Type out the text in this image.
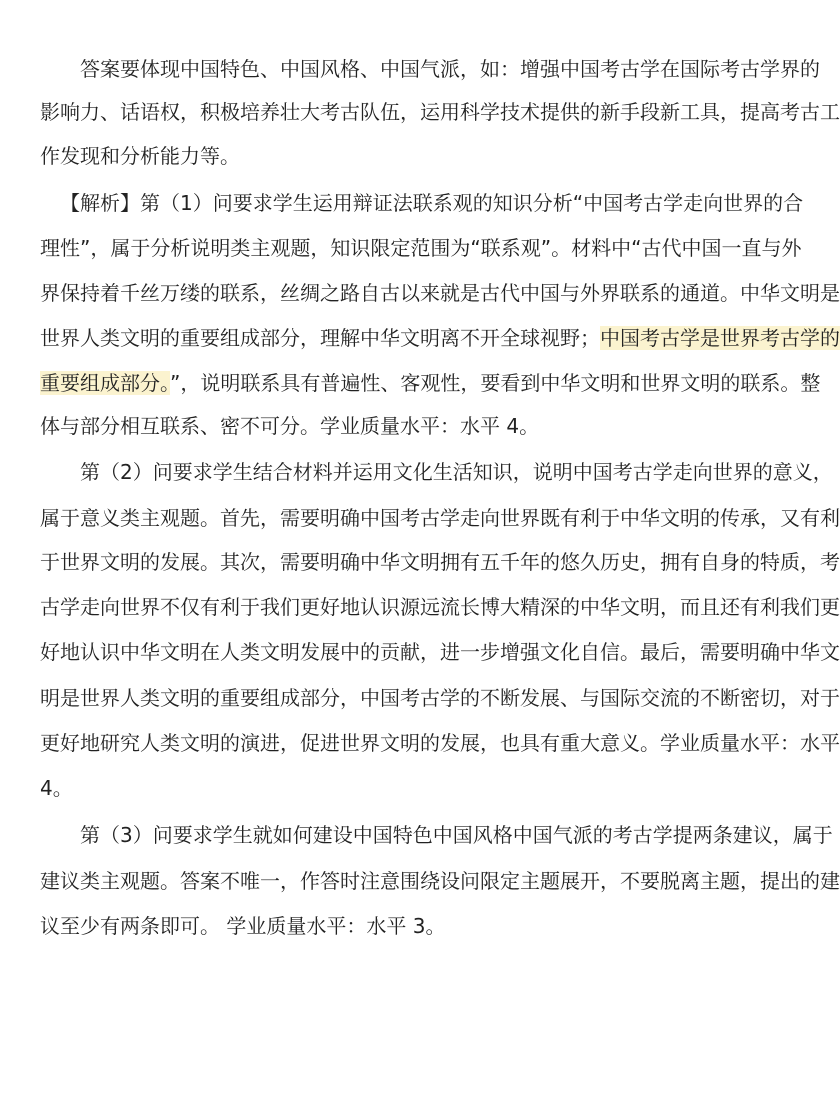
答案要体现中国特色、中国风格、中国气派，如：增强中国考古学在国际考古学界的
影响力、话语权，积极培养壮大考古队伍，运用科学技术提供的新手段新工具，提高考古工
作发现和分析能力等。
【解析】第（1）问要求学生运用辩证法联系观的知识分析“中国考古学走向世界的合
理性”，属于分析说明类主观题，知识限定范围为“联系观”。材料中“古代中国一直与外
界保持着千丝万缕的联系，丝绸之路自古以来就是古代中国与外界联系的通道。中华文明是
世界人类文明的重要组成部分，理解中华文明离不开全球视野；中国考古学是世界考古学的
重要组成部分。”，说明联系具有普遍性、客观性，要看到中华文明和世界文明的联系。整
体与部分相互联系、密不可分。学业质量水平：水平 4。
第（2）问要求学生结合材料并运用文化生活知识，说明中国考古学走向世界的意义，
属于意义类主观题。首先，需要明确中国考古学走向世界既有利于中华文明的传承，又有利
于世界文明的发展。其次，需要明确中华文明拥有五千年的悠久历史，拥有自身的特质，考
古学走向世界不仅有利于我们更好地认识源远流长博大精深的中华文明，而且还有利我们更
好地认识中华文明在人类文明发展中的贡献，进一步增强文化自信。最后，需要明确中华文
明是世界人类文明的重要组成部分，中国考古学的不断发展、与国际交流的不断密切，对于
更好地研究人类文明的演进，促进世界文明的发展，也具有重大意义。学业质量水平：水平
4。
第（3）问要求学生就如何建设中国特色中国风格中国气派的考古学提两条建议，属于
建议类主观题。答案不唯一，作答时注意围绕设问限定主题展开，不要脱离主题，提出的建
议至少有两条即可。 学业质量水平：水平 3。
